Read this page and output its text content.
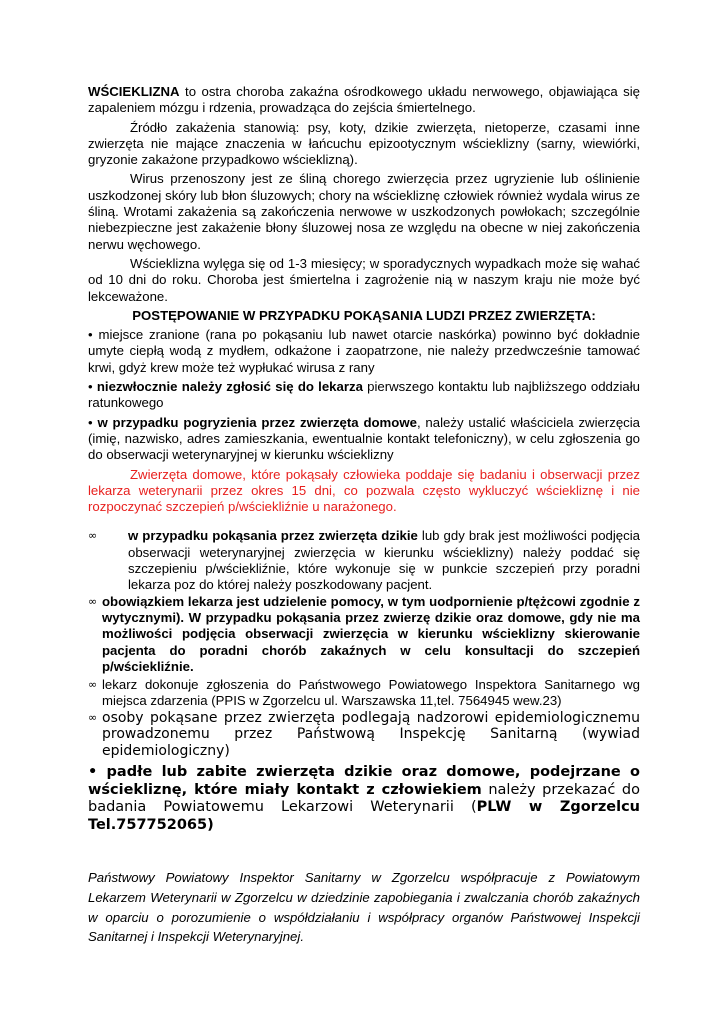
WŚCIEKLIZNA to ostra choroba zakaźna ośrodkowego układu nerwowego, objawiająca się zapaleniem mózgu i rdzenia, prowadząca do zejścia śmiertelnego.

Źródło zakażenia stanowią: psy, koty, dzikie zwierzęta, nietoperze, czasami inne zwierzęta nie mające znaczenia w łańcuchu epizootycznym wścieklizny (sarny, wiewiórki, gryzonie zakażone przypadkowo wścieklizną).

Wirus przenoszony jest ze śliną chorego zwierzęcia przez ugryzienie lub oślinienie uszkodzonej skóry lub błon śluzowych; chory na wściekliznę człowiek również wydala wirus ze śliną. Wrotami zakażenia są zakończenia nerwowe w uszkodzonych powłokach; szczególnie niebezpieczne jest zakażenie błony śluzowej nosa ze względu na obecne w niej zakończenia nerwu węchowego.

Wścieklizna wylęga się od 1-3 miesięcy; w sporadycznych wypadkach może się wahać od 10 dni do roku. Choroba jest śmiertelna i zagrożenie nią w naszym kraju nie może być lekceważone.

POSTĘPOWANIE W PRZYPADKU POKĄSANIA LUDZI PRZEZ ZWIERZĘTA:

• miejsce zranione (rana po pokąsaniu lub nawet otarcie naskórka) powinno być dokładnie umyte ciepłą wodą z mydłem, odkażone i zaopatrzone, nie należy przedwcześnie tamować krwi, gdyż krew może też wypłukać wirusa z rany

• niezwłocznie należy zgłosić się do lekarza pierwszego kontaktu lub najbliższego oddziału ratunkowego

• w przypadku pogryzienia przez zwierzęta domowe, należy ustalić właściciela zwierzęcia (imię, nazwisko, adres zamieszkania, ewentualnie kontakt telefoniczny), w celu zgłoszenia go do obserwacji weterynaryjnej w kierunku wścieklizny

Zwierzęta domowe, które pokąsały człowieka poddaje się badaniu i obserwacji przez lekarza weterynarii przez okres 15 dni, co pozwala często wykluczyć wściekliznę i nie rozpoczynać szczepień p/wściekliźnie u narażonego.

∞	w przypadku pokąsania przez zwierzęta dzikie lub gdy brak jest możliwości podjęcia obserwacji weterynaryjnej zwierzęcia w kierunku wścieklizny) należy poddać się szczepieniu p/wściekliźnie, które wykonuje się w punkcie szczepień przy poradni lekarza poz do której należy poszkodowany pacjent.
∞ obowiązkiem lekarza jest udzielenie pomocy, w tym uodpornienie p/tężcowi zgodnie z wytycznymi). W przypadku pokąsania przez zwierzę dzikie oraz domowe, gdy nie ma możliwości podjęcia obserwacji zwierzęcia w kierunku wścieklizny skierowanie pacjenta do poradni chorób zakaźnych w celu konsultacji do szczepień p/wściekliźnie.
∞ lekarz dokonuje zgłoszenia do Państwowego Powiatowego Inspektora Sanitarnego wg miejsca zdarzenia (PPIS w Zgorzelcu ul. Warszawska 11,tel. 7564945 wew.23)
∞ osoby pokąsane przez zwierzęta podlegają nadzorowi epidemiologicznemu prowadzonemu przez Państwową Inspekcję Sanitarną (wywiad epidemiologiczny)

• padłe lub zabite zwierzęta dzikie oraz domowe, podejrzane o wściekliznę, które miały kontakt z człowiekiem należy przekazać do badania Powiatowemu Lekarzowi Weterynarii (PLW w Zgorzelcu Tel.757752065)

Państwowy Powiatowy Inspektor Sanitarny w Zgorzelcu współpracuje z Powiatowym Lekarzem Weterynarii w Zgorzelcu w dziedzinie zapobiegania i zwalczania chorób zakaźnych w oparciu o porozumienie o współdziałaniu i współpracy organów Państwowej Inspekcji Sanitarnej i Inspekcji Weterynaryjnej.
